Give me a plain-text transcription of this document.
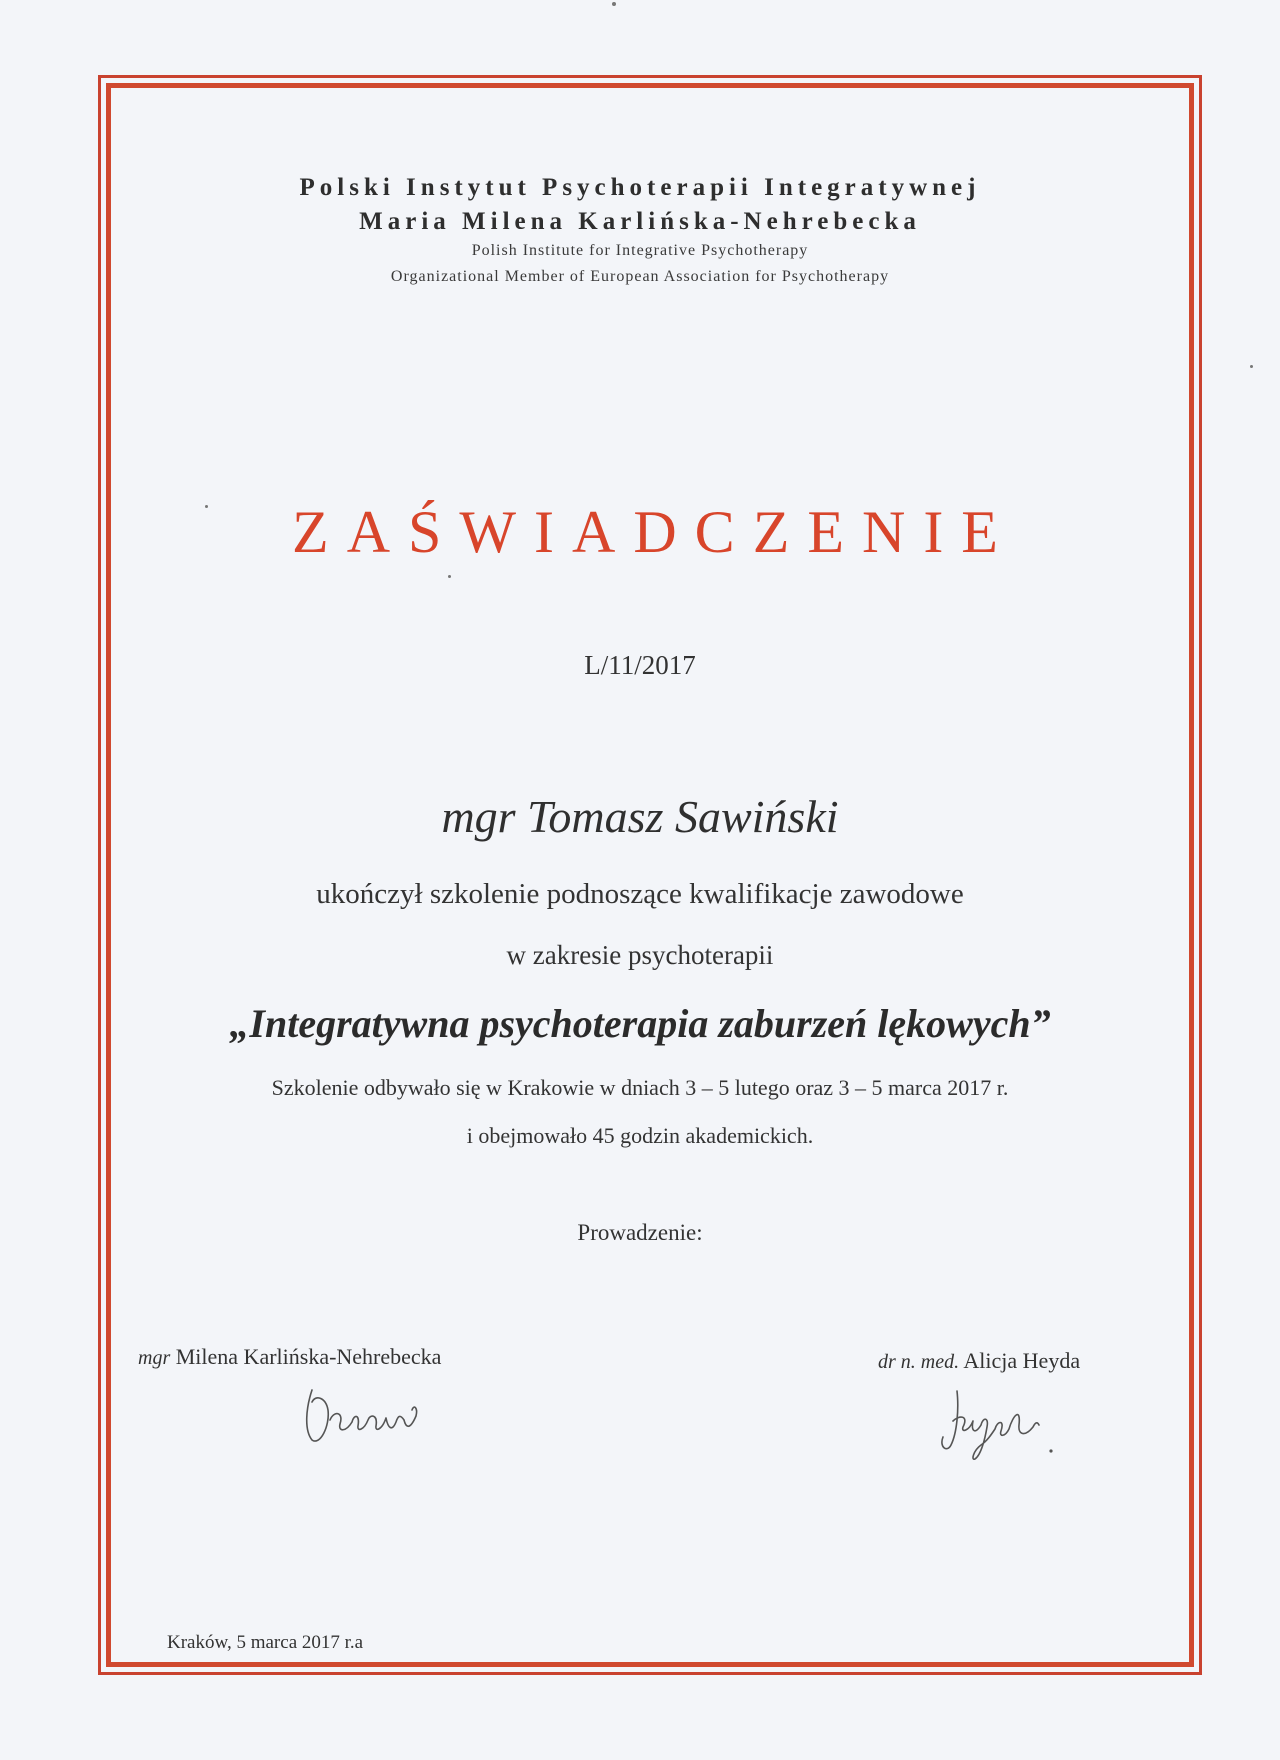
Polski Instytut Psychoterapii Integratywnej
Maria Milena Karlińska-Nehrebecka
Polish Institute for Integrative Psychotherapy
Organizational Member of European Association for Psychotherapy
ZAŚWIADCZENIE
L/11/2017
mgr Tomasz Sawiński
ukończył szkolenie podnoszące kwalifikacje zawodowe
w zakresie psychoterapii
„Integratywna psychoterapia zaburzeń lękowych”
Szkolenie odbywało się w Krakowie w dniach 3 – 5 lutego oraz 3 – 5 marca 2017 r.
i obejmowało 45 godzin akademickich.
Prowadzenie:
mgr Milena Karlińska-Nehrebecka	dr n. med. Alicja Heyda
Kraków, 5 marca 2017 r.a
